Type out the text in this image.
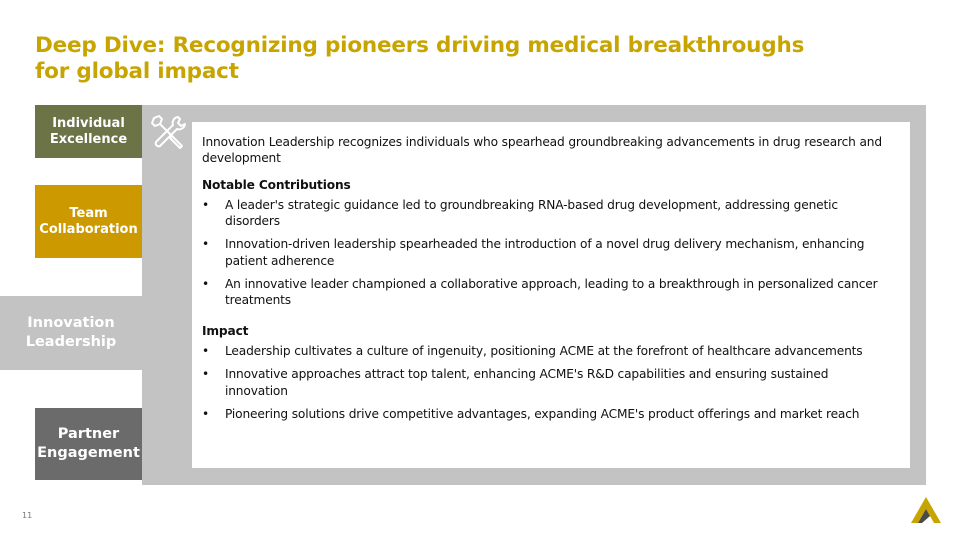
Deep Dive: Recognizing pioneers driving medical breakthroughs for global impact
Individual Excellence
Team Collaboration
Innovation Leadership
Partner Engagement

Innovation Leadership recognizes individuals who spearhead groundbreaking advancements in drug research and development

Notable Contributions

• A leader's strategic guidance led to groundbreaking RNA-based drug development, addressing genetic disorders
• Innovation-driven leadership spearheaded the introduction of a novel drug delivery mechanism, enhancing patient adherence
• An innovative leader championed a collaborative approach, leading to a breakthrough in personalized cancer treatments

Impact

• Leadership cultivates a culture of ingenuity, positioning ACME at the forefront of healthcare advancements
• Innovative approaches attract top talent, enhancing ACME's R&D capabilities and ensuring sustained innovation
• Pioneering solutions drive competitive advantages, expanding ACME's product offerings and market reach
11
